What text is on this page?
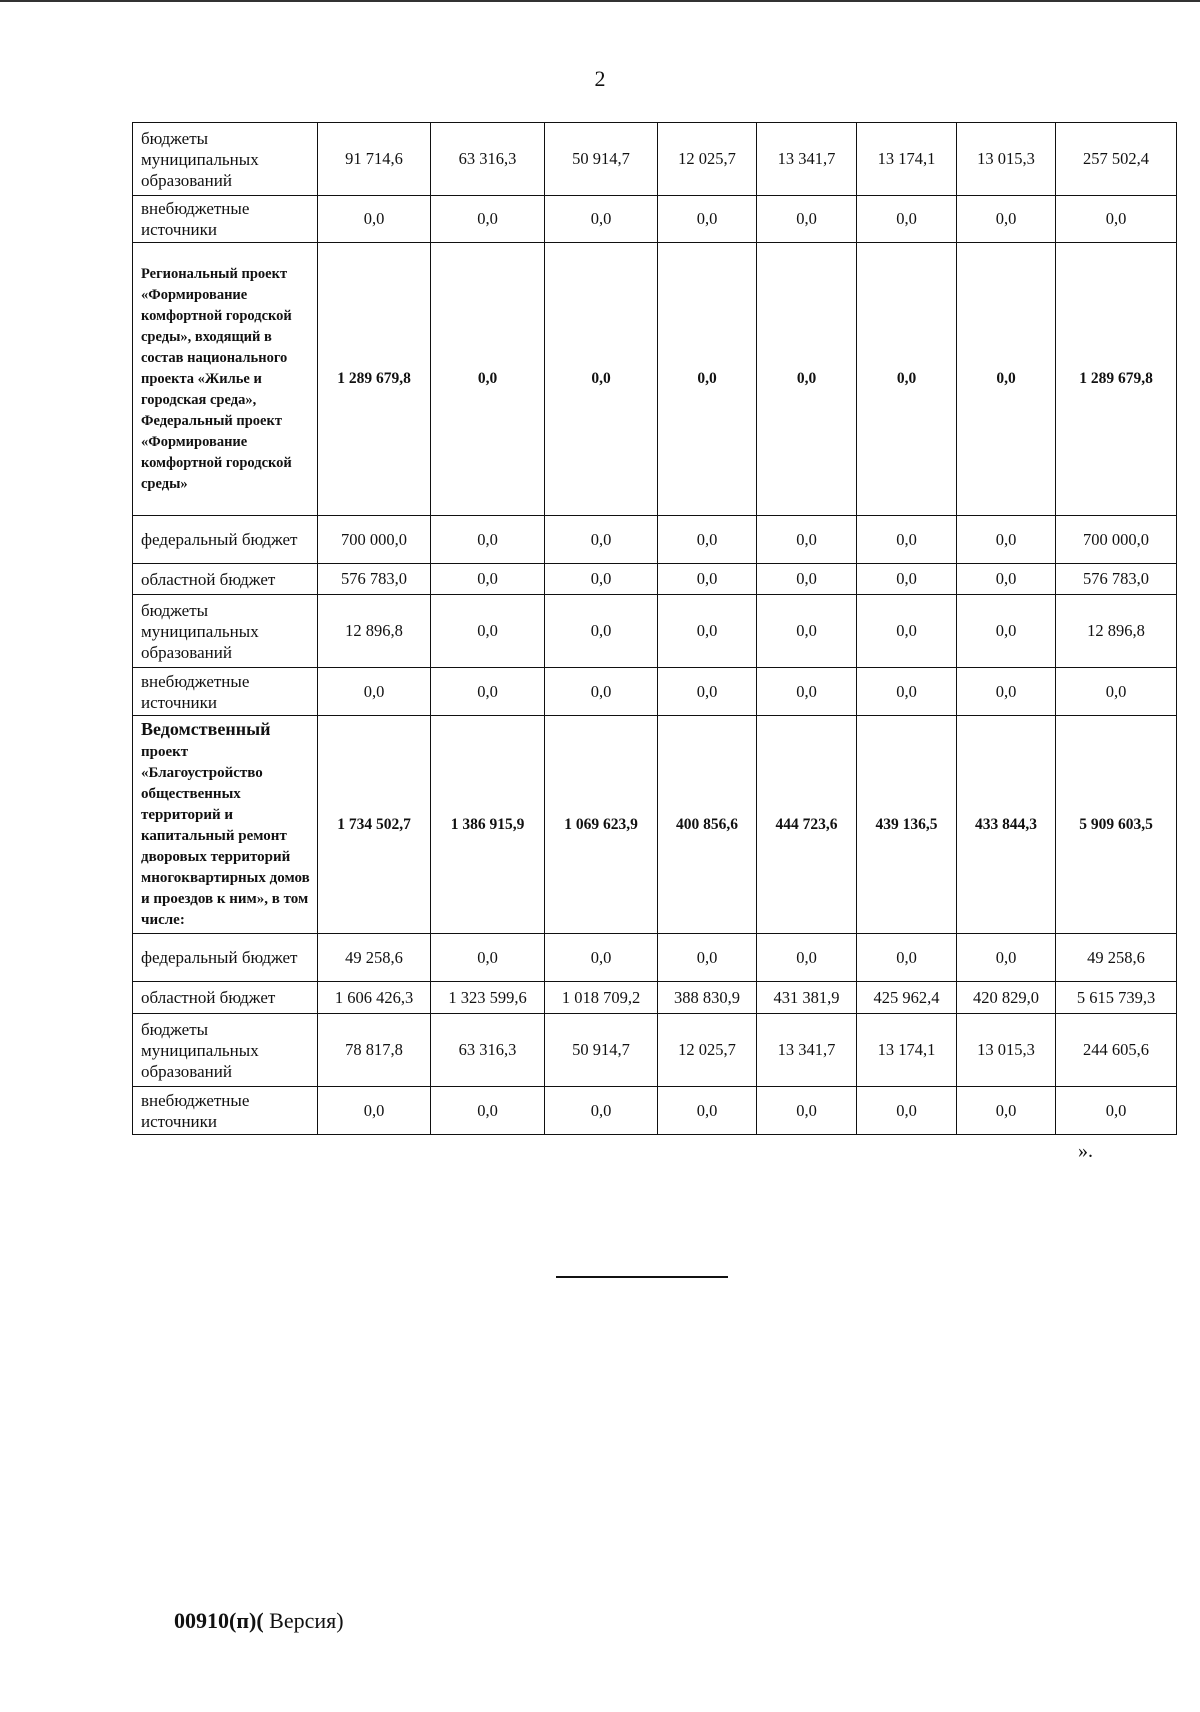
2
бюджеты муниципальных образований	91 714,6	63 316,3	50 914,7	12 025,7	13 341,7	13 174,1	13 015,3	257 502,4
внебюджетные источники	0,0	0,0	0,0	0,0	0,0	0,0	0,0	0,0
Региональный проект «Формирование комфортной городской среды», входящий в состав национального проекта «Жилье и городская среда», Федеральный проект «Формирование комфортной городской среды»	1 289 679,8	0,0	0,0	0,0	0,0	0,0	0,0	1 289 679,8
федеральный бюджет	700 000,0	0,0	0,0	0,0	0,0	0,0	0,0	700 000,0
областной бюджет	576 783,0	0,0	0,0	0,0	0,0	0,0	0,0	576 783,0
бюджеты муниципальных образований	12 896,8	0,0	0,0	0,0	0,0	0,0	0,0	12 896,8
внебюджетные источники	0,0	0,0	0,0	0,0	0,0	0,0	0,0	0,0
Ведомственный проект «Благоустройство общественных территорий и капитальный ремонт дворовых территорий многоквартирных домов и проездов к ним», в том числе:	1 734 502,7	1 386 915,9	1 069 623,9	400 856,6	444 723,6	439 136,5	433 844,3	5 909 603,5
федеральный бюджет	49 258,6	0,0	0,0	0,0	0,0	0,0	0,0	49 258,6
областной бюджет	1 606 426,3	1 323 599,6	1 018 709,2	388 830,9	431 381,9	425 962,4	420 829,0	5 615 739,3
бюджеты муниципальных образований	78 817,8	63 316,3	50 914,7	12 025,7	13 341,7	13 174,1	13 015,3	244 605,6
внебюджетные источники	0,0	0,0	0,0	0,0	0,0	0,0	0,0	0,0
».
00910(п)( Версия)
